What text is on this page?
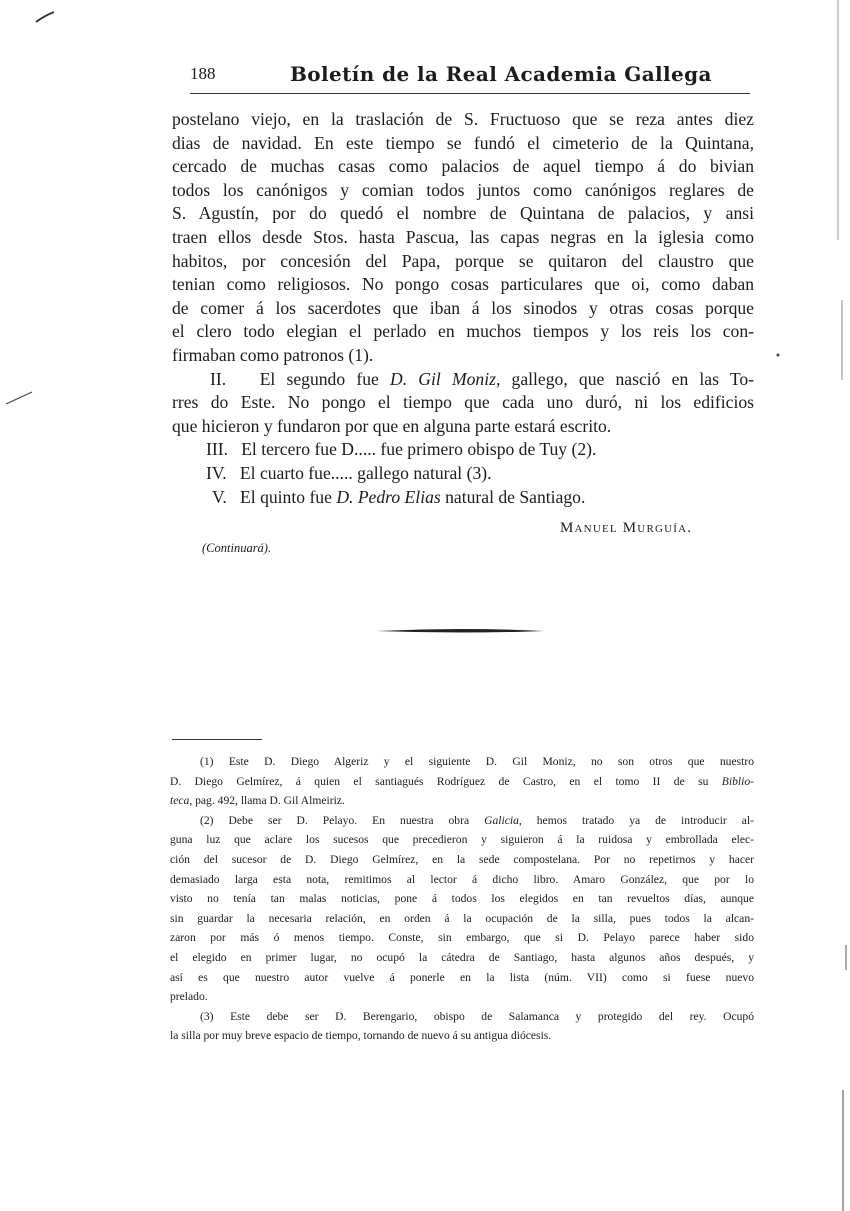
188	Boletín de la Real Academia Gallega

postelano viejo, en la traslación de S. Fructuoso que se reza antes diez
dias de navidad. En este tiempo se fundó el cimeterio de la Quintana,
cercado de muchas casas como palacios de aquel tiempo á do bivian
todos los canónigos y comian todos juntos como canónigos reglares de
S. Agustín, por do quedó el nombre de Quintana de palacios, y ansi
traen ellos desde Stos. hasta Pascua, las capas negras en la iglesia como
habitos, por concesión del Papa, porque se quitaron del claustro que
tenian como religiosos. No pongo cosas particulares que oi, como daban
de comer á los sacerdotes que iban á los sinodos y otras cosas porque
el clero todo elegian el perlado en muchos tiempos y los reis los con-
firmaban como patronos (1).

II. El segundo fue D. Gil Moniz, gallego, que nasció en las To-
rres do Este. No pongo el tiempo que cada uno duró, ni los edificios
que hicieron y fundaron por que en alguna parte estará escrito.

III. El tercero fue D..... fue primero obispo de Tuy (2).

IV. El cuarto fue..... gallego natural (3).

V. El quinto fue D. Pedro Elias natural de Santiago.

Manuel Murguía.
(Continuará).

(1) Este D. Diego Algeriz y el siguiente D. Gil Moniz, no son otros que nuestro
D. Diego Gelmírez, á quien el santiagués Rodríguez de Castro, en el tomo II de su Biblio-
teca, pag. 492, llama D. Gil Almeiriz.

(2) Debe ser D. Pelayo. En nuestra obra Galicia, hemos tratado ya de introducir al-
guna luz que aclare los sucesos que precedieron y siguieron á la ruidosa y embrollada elec-
ción del sucesor de D. Diego Gelmírez, en la sede compostelana. Por no repetirnos y hacer
demasiado larga esta nota, remitimos al lector á dicho libro. Amaro González, que por lo
visto no tenía tan malas noticias, pone á todos los elegidos en tan revueltos días, aunque
sin guardar la necesaria relación, en orden á la ocupación de la silla, pues todos la alcan-
zaron por más ó menos tiempo. Conste, sin embargo, que si D. Pelayo parece haber sido
el elegido en primer lugar, no ocupó la cátedra de Santiago, hasta algunos años después, y
así es que nuestro autor vuelve á ponerle en la lista (núm. VII) como si fuese nuevo
prelado.

(3) Este debe ser D. Berengario, obispo de Salamanca y protegido del rey. Ocupó
la silla por muy breve espacio de tiempo, tornando de nuevo á su antigua diócesis.
